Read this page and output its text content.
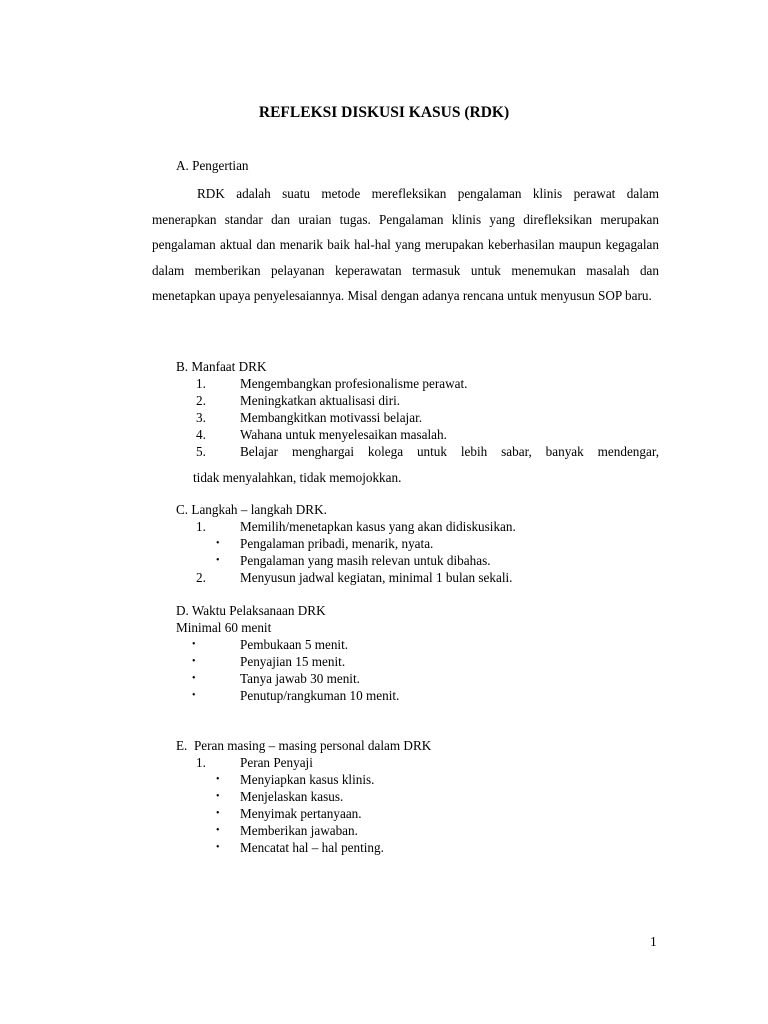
REFLEKSI DISKUSI KASUS (RDK)
A. Pengertian
RDK adalah suatu metode merefleksikan pengalaman klinis perawat dalam menerapkan standar dan uraian tugas. Pengalaman klinis yang direfleksikan merupakan pengalaman aktual dan menarik baik hal-hal yang merupakan keberhasilan maupun kegagalan dalam memberikan pelayanan keperawatan termasuk untuk menemukan masalah dan menetapkan upaya penyelesaiannya. Misal dengan adanya rencana untuk menyusun SOP baru.
B. Manfaat DRK
1.	Mengembangkan profesionalisme perawat.
2.	Meningkatkan aktualisasi diri.
3.	Membangkitkan motivassi belajar.
4.	Wahana untuk menyelesaikan masalah.
5.	Belajar menghargai kolega untuk lebih sabar, banyak mendengar,
tidak menyalahkan, tidak memojokkan.
C. Langkah – langkah DRK.
1.	Memilih/menetapkan kasus yang akan didiskusikan.
• Pengalaman pribadi, menarik, nyata.
• Pengalaman yang masih relevan untuk dibahas.
2.	Menyusun jadwal kegiatan, minimal 1 bulan sekali.
D. Waktu Pelaksanaan DRK
Minimal 60 menit
•	Pembukaan 5 menit.
•	Penyajian 15 menit.
•	Tanya jawab 30 menit.
•	Penutup/rangkuman 10 menit.
E.  Peran masing – masing personal dalam DRK
1.	Peran Penyaji
• Menyiapkan kasus klinis.
• Menjelaskan kasus.
• Menyimak pertanyaan.
• Memberikan jawaban.
• Mencatat hal – hal penting.
1
